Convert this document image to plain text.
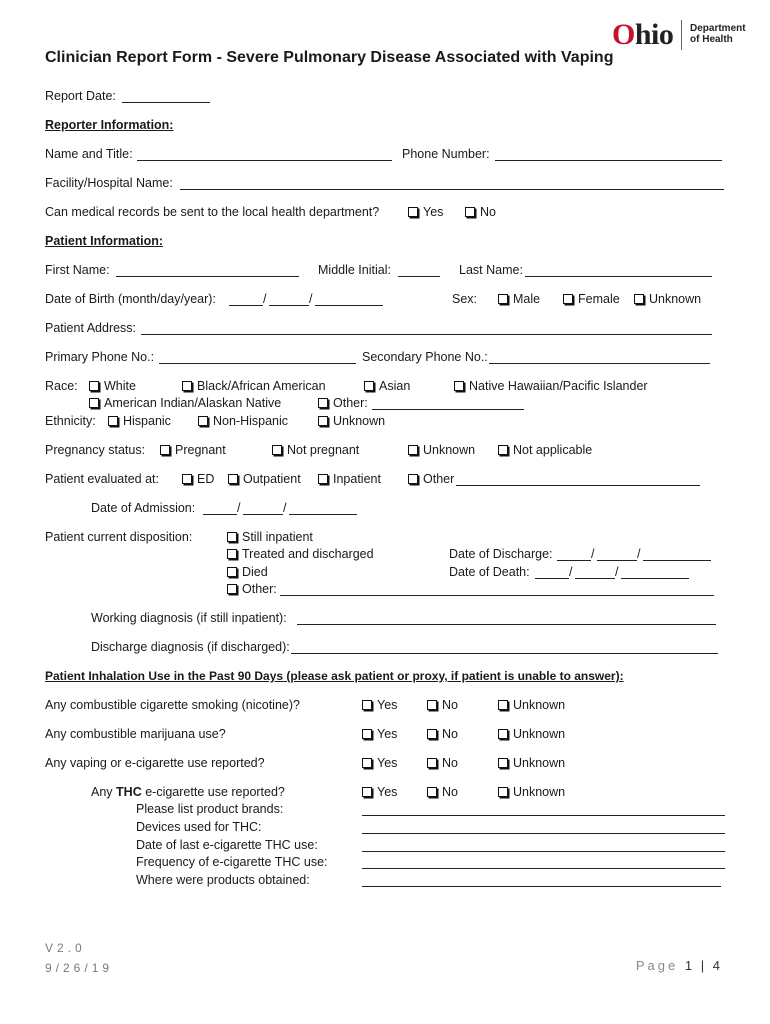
Ohio Department
of Health
Clinician Report Form - Severe Pulmonary Disease Associated with Vaping
Report Date:
Reporter Information:
Name and Title:	Phone Number:
Facility/Hospital Name:
Can medical records be sent to the local health department?	Yes	No
Patient Information:
First Name:	Middle Initial:	Last Name:
Date of Birth (month/day/year):	/	/	Sex:	Male	Female	Unknown
Patient Address:
Primary Phone No.:	Secondary Phone No.:
Race:	White	Black/African American	Asian	Native Hawaiian/Pacific Islander
American Indian/Alaskan Native	Other:
Ethnicity:	Hispanic	Non-Hispanic	Unknown
Pregnancy status:	Pregnant	Not pregnant	Unknown	Not applicable
Patient evaluated at:	ED	Outpatient	Inpatient	Other
Date of Admission:	/	/
Patient current disposition:	Still inpatient
Treated and discharged	Date of Discharge:	/	/
Died	Date of Death:	/	/
Other:
Working diagnosis (if still inpatient):
Discharge diagnosis (if discharged):
Patient Inhalation Use in the Past 90 Days (please ask patient or proxy, if patient is unable to answer):
Any combustible cigarette smoking (nicotine)?	Yes	No	Unknown
Any combustible marijuana use?	Yes	No	Unknown
Any vaping or e-cigarette use reported?	Yes	No	Unknown
Any THC e-cigarette use reported?	Yes	No	Unknown
Please list product brands:
Devices used for THC:
Date of last e-cigarette THC use:
Frequency of e-cigarette THC use:
Where were products obtained:
V2.0
9/26/19	Page 1 | 4
